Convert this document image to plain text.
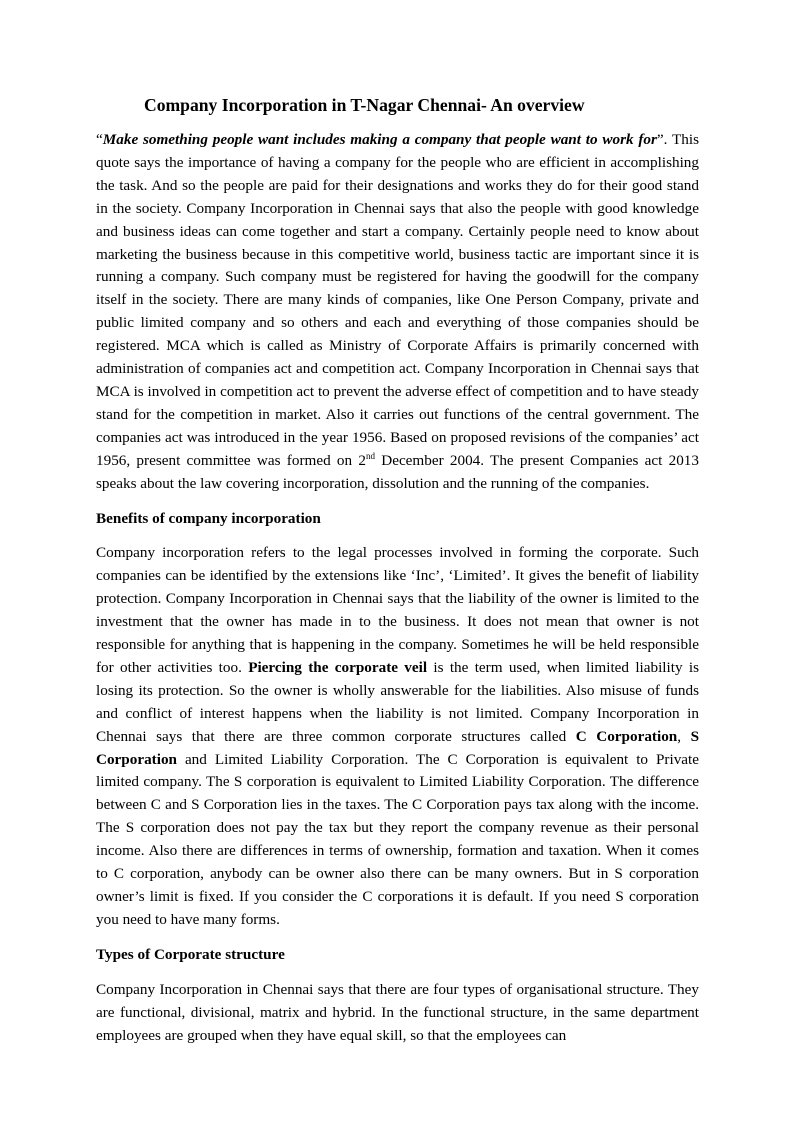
Company Incorporation in T-Nagar Chennai- An overview

“Make something people want includes making a company that people want to work for”. This quote says the importance of having a company for the people who are efficient in accomplishing the task. And so the people are paid for their designations and works they do for their good stand in the society. Company Incorporation in Chennai says that also the people with good knowledge and business ideas can come together and start a company. Certainly people need to know about marketing the business because in this competitive world, business tactic are important since it is running a company. Such company must be registered for having the goodwill for the company itself in the society. There are many kinds of companies, like One Person Company, private and public limited company and so others and each and everything of those companies should be registered. MCA which is called as Ministry of Corporate Affairs is primarily concerned with administration of companies act and competition act. Company Incorporation in Chennai says that MCA is involved in competition act to prevent the adverse effect of competition and to have steady stand for the competition in market. Also it carries out functions of the central government. The companies act was introduced in the year 1956. Based on proposed revisions of the companies’ act 1956, present committee was formed on 2nd December 2004. The present Companies act 2013 speaks about the law covering incorporation, dissolution and the running of the companies.

Benefits of company incorporation

Company incorporation refers to the legal processes involved in forming the corporate. Such companies can be identified by the extensions like ‘Inc’, ‘Limited’. It gives the benefit of liability protection. Company Incorporation in Chennai says that the liability of the owner is limited to the investment that the owner has made in to the business. It does not mean that owner is not responsible for anything that is happening in the company. Sometimes he will be held responsible for other activities too. Piercing the corporate veil is the term used, when limited liability is losing its protection. So the owner is wholly answerable for the liabilities. Also misuse of funds and conflict of interest happens when the liability is not limited. Company Incorporation in Chennai says that there are three common corporate structures called C Corporation, S Corporation and Limited Liability Corporation. The C Corporation is equivalent to Private limited company. The S corporation is equivalent to Limited Liability Corporation. The difference between C and S Corporation lies in the taxes. The C Corporation pays tax along with the income. The S corporation does not pay the tax but they report the company revenue as their personal income. Also there are differences in terms of ownership, formation and taxation. When it comes to C corporation, anybody can be owner also there can be many owners. But in S corporation owner’s limit is fixed. If you consider the C corporations it is default. If you need S corporation you need to have many forms.

Types of Corporate structure

Company Incorporation in Chennai says that there are four types of organisational structure. They are functional, divisional, matrix and hybrid. In the functional structure, in the same department employees are grouped when they have equal skill, so that the employees can
